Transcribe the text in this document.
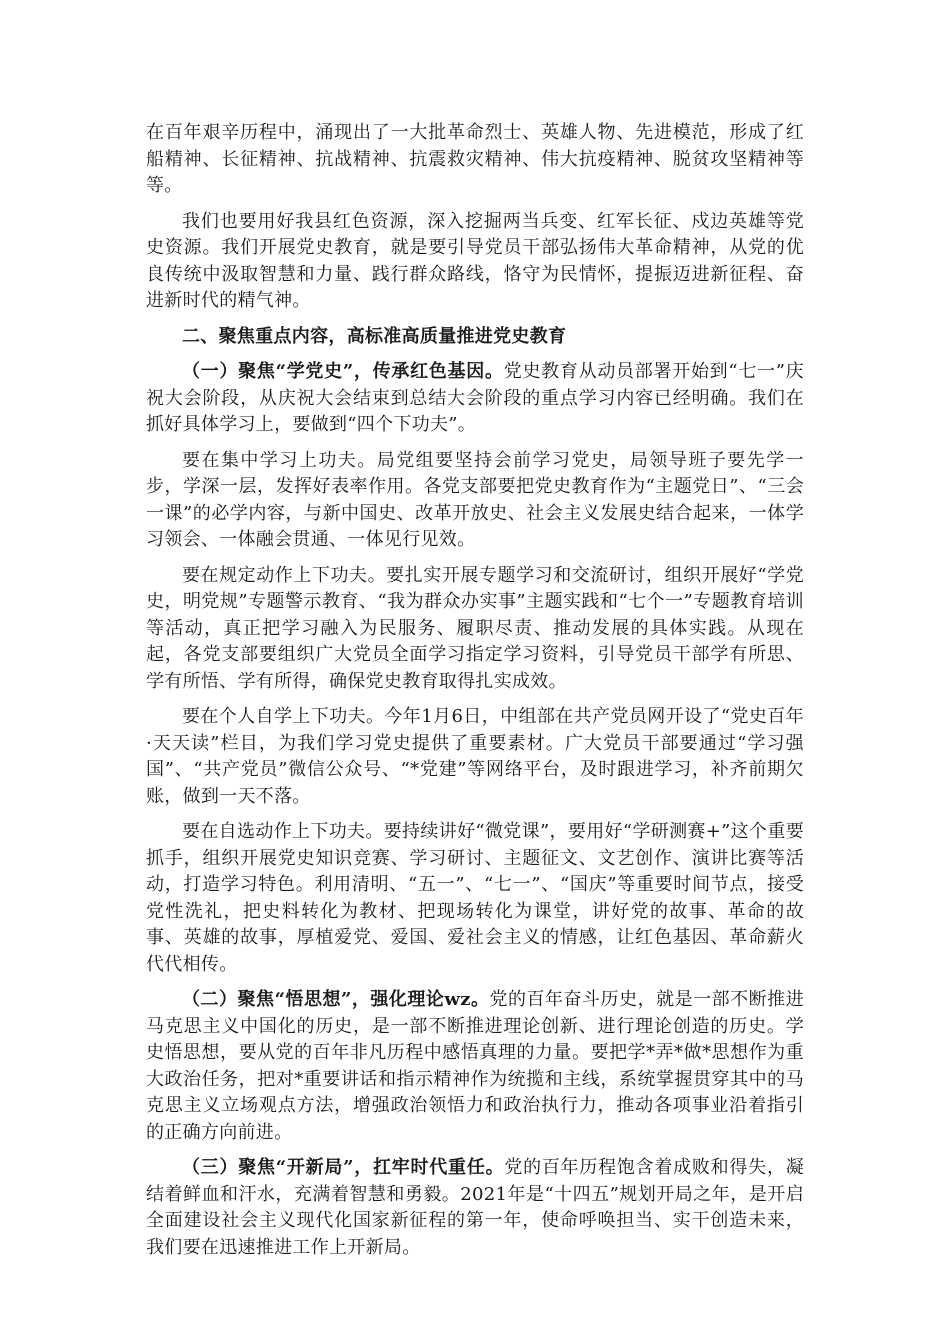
在百年艰辛历程中，涌现出了一大批革命烈士、英雄人物、先进模范，形成了红船精神、长征精神、抗战精神、抗震救灾精神、伟大抗疫精神、脱贫攻坚精神等等。

我们也要用好我县红色资源，深入挖掘两当兵变、红军长征、戍边英雄等党史资源。我们开展党史教育，就是要引导党员干部弘扬伟大革命精神，从党的优良传统中汲取智慧和力量、践行群众路线，恪守为民情怀，提振迈进新征程、奋进新时代的精气神。

二、聚焦重点内容，高标准高质量推进党史教育

（一）聚焦“学党史”，传承红色基因。党史教育从动员部署开始到“七一”庆祝大会阶段，从庆祝大会结束到总结大会阶段的重点学习内容已经明确。我们在抓好具体学习上，要做到“四个下功夫”。

要在集中学习上功夫。局党组要坚持会前学习党史，局领导班子要先学一步，学深一层，发挥好表率作用。各党支部要把党史教育作为“主题党日”、“三会一课”的必学内容，与新中国史、改革开放史、社会主义发展史结合起来，一体学习领会、一体融会贯通、一体见行见效。

要在规定动作上下功夫。要扎实开展专题学习和交流研讨，组织开展好“学党史，明党规”专题警示教育、“我为群众办实事”主题实践和“七个一”专题教育培训等活动，真正把学习融入为民服务、履职尽责、推动发展的具体实践。从现在起，各党支部要组织广大党员全面学习指定学习资料，引导党员干部学有所思、学有所悟、学有所得，确保党史教育取得扎实成效。

要在个人自学上下功夫。今年1月6日，中组部在共产党员网开设了“党史百年·天天读”栏目，为我们学习党史提供了重要素材。广大党员干部要通过“学习强国”、“共产党员”微信公众号、“*党建”等网络平台，及时跟进学习，补齐前期欠账，做到一天不落。

要在自选动作上下功夫。要持续讲好“微党课”，要用好“学研测赛+”这个重要抓手，组织开展党史知识竞赛、学习研讨、主题征文、文艺创作、演讲比赛等活动，打造学习特色。利用清明、“五一”、“七一”、“国庆”等重要时间节点，接受党性洗礼，把史料转化为教材、把现场转化为课堂，讲好党的故事、革命的故事、英雄的故事，厚植爱党、爱国、爱社会主义的情感，让红色基因、革命薪火代代相传。

（二）聚焦“悟思想”，强化理论wz。党的百年奋斗历史，就是一部不断推进马克思主义中国化的历史，是一部不断推进理论创新、进行理论创造的历史。学史悟思想，要从党的百年非凡历程中感悟真理的力量。要把学*弄*做*思想作为重大政治任务，把对*重要讲话和指示精神作为统揽和主线，系统掌握贯穿其中的马克思主义立场观点方法，增强政治领悟力和政治执行力，推动各项事业沿着指引的正确方向前进。

（三）聚焦“开新局”，扛牢时代重任。党的百年历程饱含着成败和得失，凝结着鲜血和汗水，充满着智慧和勇毅。2021年是“十四五”规划开局之年，是开启全面建设社会主义现代化国家新征程的第一年，使命呼唤担当、实干创造未来，我们要在迅速推进工作上开新局。
